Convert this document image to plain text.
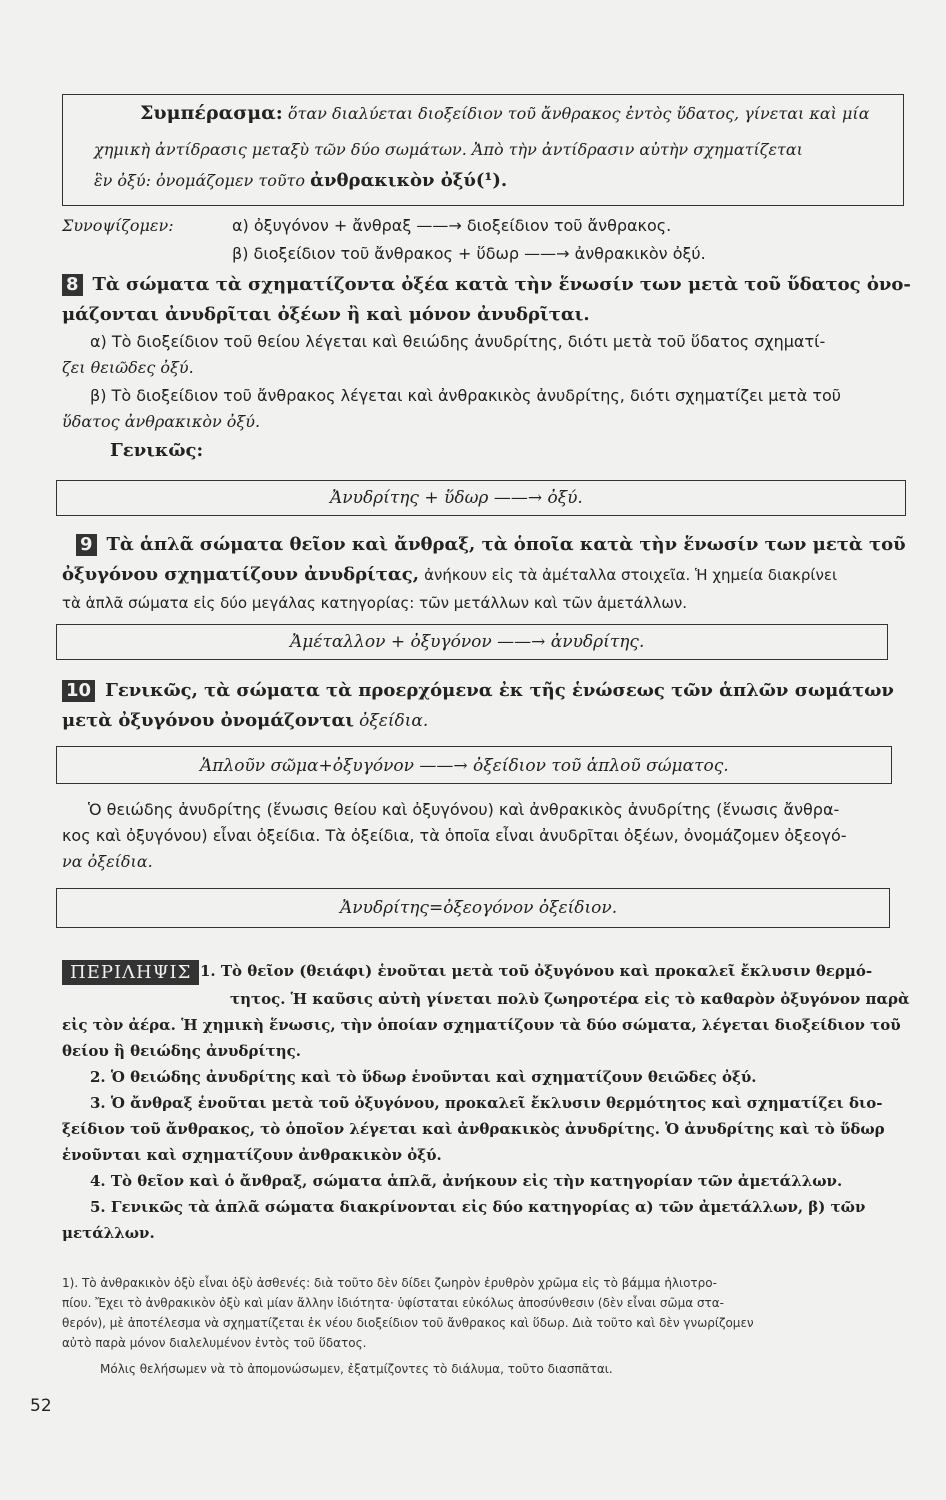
Συμπέρασμα: ὅταν διαλύεται διοξείδιον τοῦ ἄνθρακος ἐντὸς ὕδατος, γίνεται καὶ μία
χημικὴ ἀντίδρασις μεταξὺ τῶν δύο σωμάτων. Ἀπὸ τὴν ἀντίδρασιν αὐτὴν σχηματίζεται
ἓν ὀξύ: ὀνομάζομεν τοῦτο ἀνθρακικὸν ὀξύ(¹).
Συνοψίζομεν:	α) ὀξυγόνον + ἄνθραξ ——→ διοξείδιον τοῦ ἄνθρακος.
β) διοξείδιον τοῦ ἄνθρακος + ὕδωρ ——→ ἀνθρακικὸν ὀξύ.
8 Τὰ σώματα τὰ σχηματίζοντα ὀξέα κατὰ τὴν ἕνωσίν των μετὰ τοῦ ὕδατος ὀνο-
μάζονται ἀνυδρῖται ὀξέων ἢ καὶ μόνον ἀνυδρῖται.
α) Τὸ διοξείδιον τοῦ θείου λέγεται καὶ θειώδης ἀνυδρίτης, διότι μετὰ τοῦ ὕδατος σχηματί-
ζει θειῶδες ὀξύ.
β) Τὸ διοξείδιον τοῦ ἄνθρακος λέγεται καὶ ἀνθρακικὸς ἀνυδρίτης, διότι σχηματίζει μετὰ τοῦ
ὕδατος ἀνθρακικὸν ὀξύ.
Γενικῶς:
Ἀνυδρίτης + ὕδωρ ——→ ὀξύ.
9 Τὰ ἁπλᾶ σώματα θεῖον καὶ ἄνθραξ, τὰ ὁποῖα κατὰ τὴν ἕνωσίν των μετὰ τοῦ
ὀξυγόνου σχηματίζουν ἀνυδρίτας, ἀνήκουν εἰς τὰ ἀμέταλλα στοιχεῖα. Ἡ χημεία διακρίνει
τὰ ἁπλᾶ σώματα εἰς δύο μεγάλας κατηγορίας: τῶν μετάλλων καὶ τῶν ἀμετάλλων.
Ἀμέταλλον + ὀξυγόνον ——→ ἀνυδρίτης.
10 Γενικῶς, τὰ σώματα τὰ προερχόμενα ἐκ τῆς ἑνώσεως τῶν ἁπλῶν σωμάτων
μετὰ ὀξυγόνου ὀνομάζονται ὀξείδια.
Ἁπλοῦν σῶμα+ὀξυγόνον ——→ ὀξείδιον τοῦ ἁπλοῦ σώματος.
Ὁ θειώδης ἀνυδρίτης (ἕνωσις θείου καὶ ὀξυγόνου) καὶ ἀνθρακικὸς ἀνυδρίτης (ἕνωσις ἄνθρα-
κος καὶ ὀξυγόνου) εἶναι ὀξείδια. Τὰ ὀξείδια, τὰ ὁποῖα εἶναι ἀνυδρῖται ὀξέων, ὀνομάζομεν ὀξεογό-
να ὀξείδια.
Ἀνυδρίτης=ὀξεογόνον ὀξείδιον.
ΠΕΡΙΛΗΨΙΣ 1. Τὸ θεῖον (θειάφι) ἑνοῦται μετὰ τοῦ ὀξυγόνου καὶ προκαλεῖ ἔκλυσιν θερμό-
τητος. Ἡ καῦσις αὐτὴ γίνεται πολὺ ζωηροτέρα εἰς τὸ καθαρὸν ὀξυγόνον παρὰ
εἰς τὸν ἀέρα. Ἡ χημικὴ ἕνωσις, τὴν ὁποίαν σχηματίζουν τὰ δύο σώματα, λέγεται διοξείδιον τοῦ
θείου ἢ θειώδης ἀνυδρίτης.
2. Ὁ θειώδης ἀνυδρίτης καὶ τὸ ὕδωρ ἑνοῦνται καὶ σχηματίζουν θειῶδες ὀξύ.
3. Ὁ ἄνθραξ ἑνοῦται μετὰ τοῦ ὀξυγόνου, προκαλεῖ ἔκλυσιν θερμότητος καὶ σχηματίζει διο-
ξείδιον τοῦ ἄνθρακος, τὸ ὁποῖον λέγεται καὶ ἀνθρακικὸς ἀνυδρίτης. Ὁ ἀνυδρίτης καὶ τὸ ὕδωρ
ἑνοῦνται καὶ σχηματίζουν ἀνθρακικὸν ὀξύ.
4. Τὸ θεῖον καὶ ὁ ἄνθραξ, σώματα ἁπλᾶ, ἀνήκουν εἰς τὴν κατηγορίαν τῶν ἀμετάλλων.
5. Γενικῶς τὰ ἁπλᾶ σώματα διακρίνονται εἰς δύο κατηγορίας α) τῶν ἀμετάλλων, β) τῶν
μετάλλων.
1). Τὸ ἀνθρακικὸν ὀξὺ εἶναι ὀξὺ ἀσθενές: διὰ τοῦτο δὲν δίδει ζωηρὸν ἐρυθρὸν χρῶμα εἰς τὸ βάμμα ἡλιοτρο-
πίου. Ἔχει τὸ ἀνθρακικὸν ὀξὺ καὶ μίαν ἄλλην ἰδιότητα· ὑφίσταται εὐκόλως ἀποσύνθεσιν (δὲν εἶναι σῶμα στα-
θερόν), μὲ ἀποτέλεσμα νὰ σχηματίζεται ἐκ νέου διοξείδιον τοῦ ἄνθρακος καὶ ὕδωρ. Διὰ τοῦτο καὶ δὲν γνωρίζομεν
αὐτὸ παρὰ μόνον διαλελυμένον ἐντὸς τοῦ ὕδατος.
Μόλις θελήσωμεν νὰ τὸ ἀπομονώσωμεν, ἐξατμίζοντες τὸ διάλυμα, τοῦτο διασπᾶται.
52
